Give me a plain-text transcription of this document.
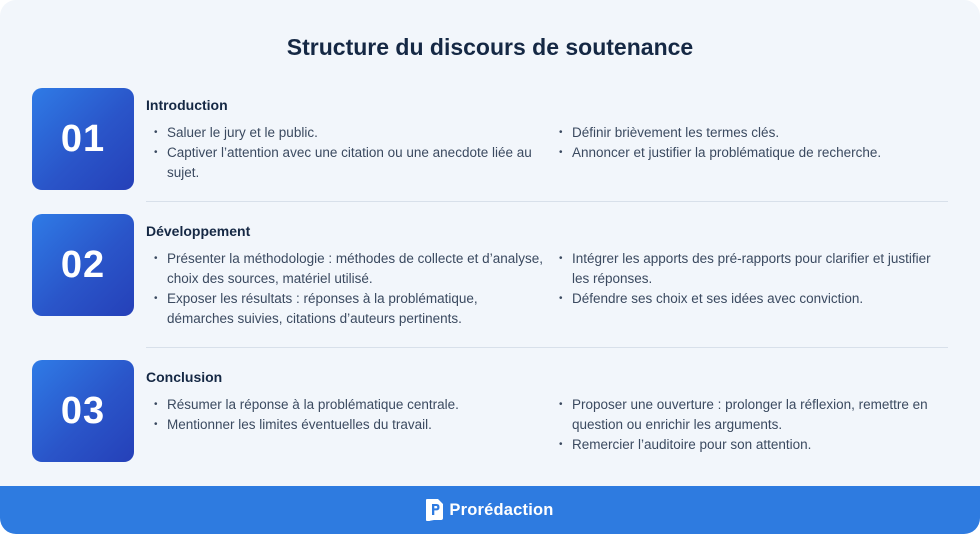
Structure du discours de soutenance
01
Introduction
• Saluer le jury et le public.
• Captiver l’attention avec une citation ou une anecdote liée au sujet.
• Définir brièvement les termes clés.
• Annoncer et justifier la problématique de recherche.
02
Développement
• Présenter la méthodologie : méthodes de collecte et d’analyse, choix des sources, matériel utilisé.
• Exposer les résultats : réponses à la problématique, démarches suivies, citations d’auteurs pertinents.
• Intégrer les apports des pré-rapports pour clarifier et justifier les réponses.
• Défendre ses choix et ses idées avec conviction.
03
Conclusion
• Résumer la réponse à la problématique centrale.
• Mentionner les limites éventuelles du travail.
• Proposer une ouverture : prolonger la réflexion, remettre en question ou enrichir les arguments.
• Remercier l’auditoire pour son attention.
Prorédaction
